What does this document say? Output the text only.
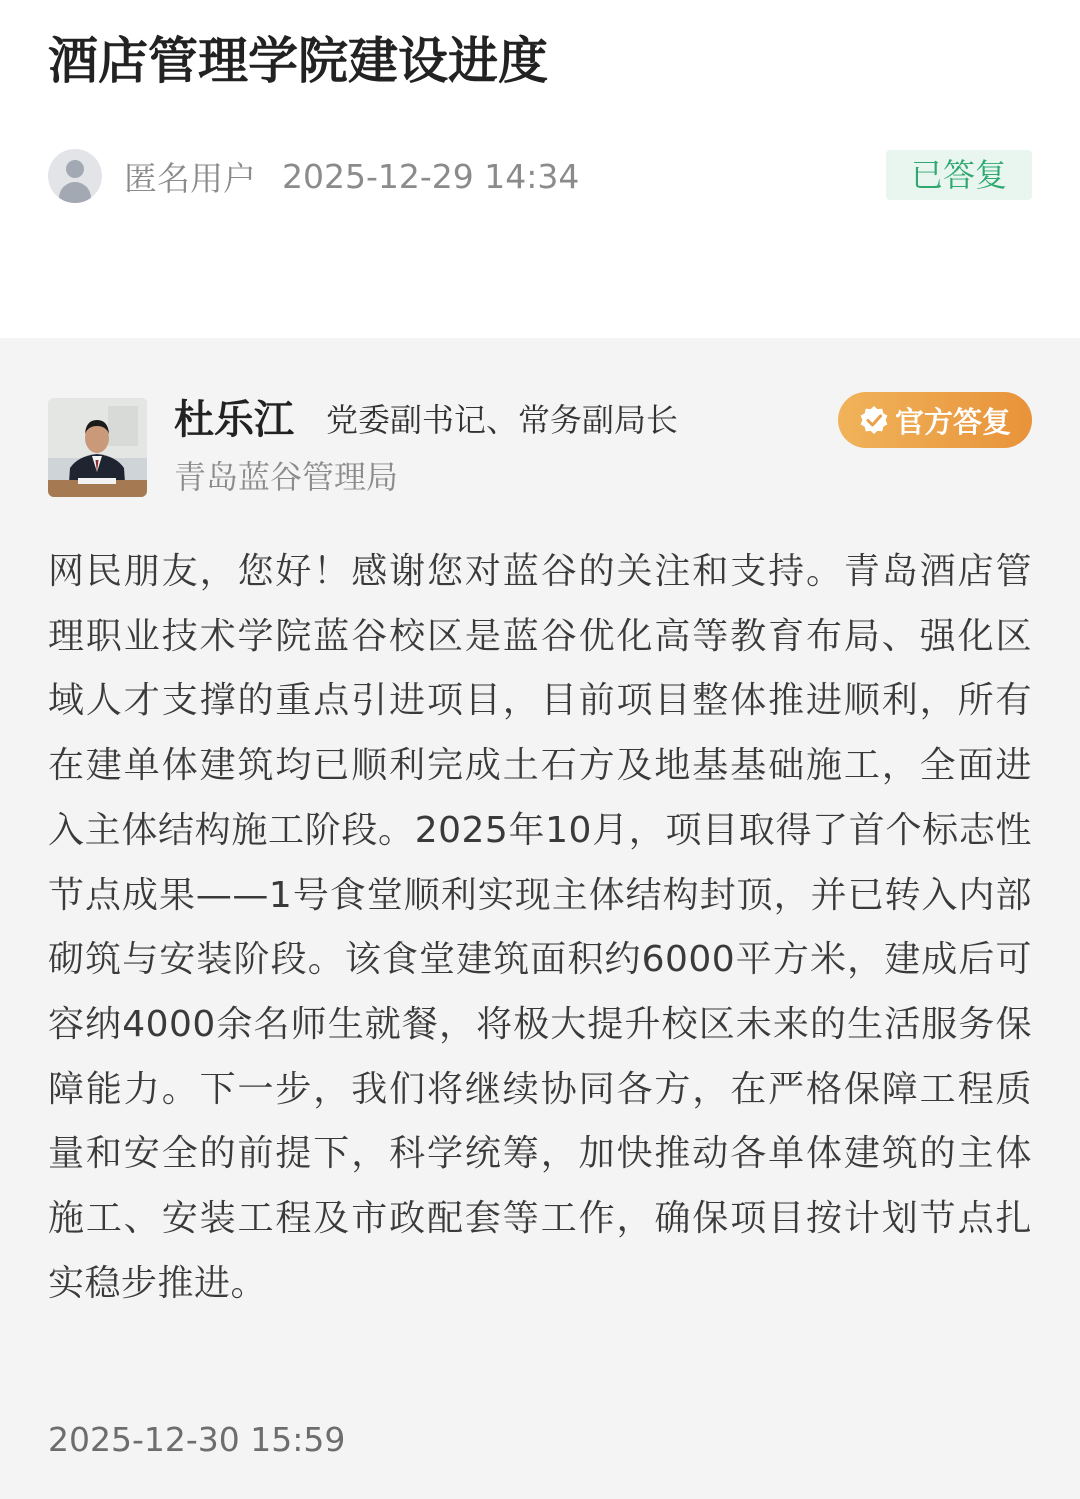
酒店管理学院建设进度
匿名用户 2025-12-29 14:34	已答复
杜乐江 党委副书记、常务副局长
青岛蓝谷管理局
官方答复

网民朋友，您好！感谢您对蓝谷的关注和支持。青岛酒店管理职业技术学院蓝谷校区是蓝谷优化高等教育布局、强化区域人才支撑的重点引进项目，目前项目整体推进顺利，所有在建单体建筑均已顺利完成土石方及地基基础施工，全面进入主体结构施工阶段。2025年10月，项目取得了首个标志性节点成果——1号食堂顺利实现主体结构封顶，并已转入内部砌筑与安装阶段。该食堂建筑面积约6000平方米，建成后可容纳4000余名师生就餐，将极大提升校区未来的生活服务保障能力。下一步，我们将继续协同各方，在严格保障工程质量和安全的前提下，科学统筹，加快推动各单体建筑的主体施工、安装工程及市政配套等工作，确保项目按计划节点扎实稳步推进。

2025-12-30 15:59
